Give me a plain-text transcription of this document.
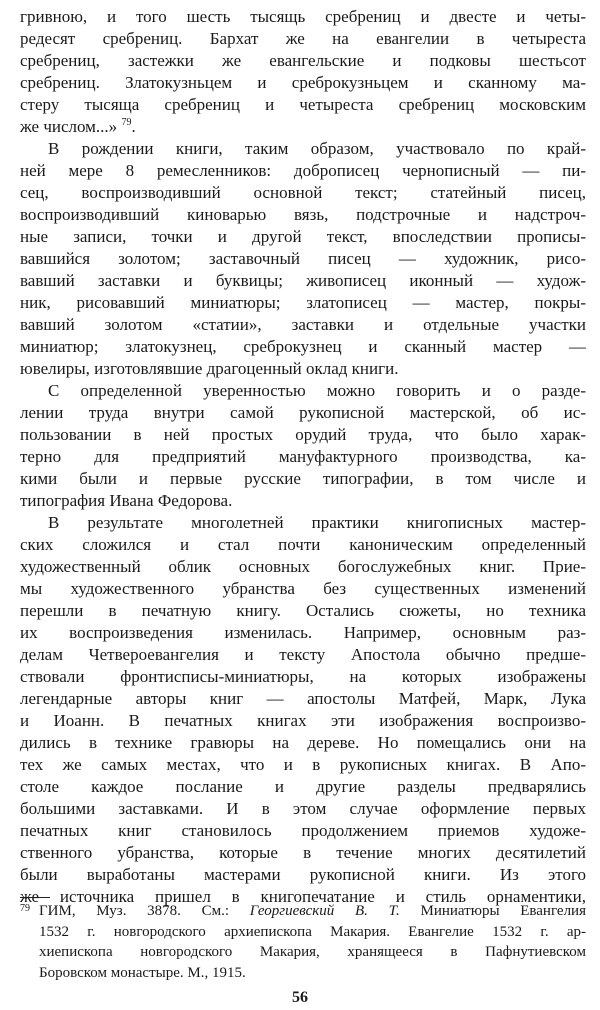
гривною, и того шесть тысящь сребрениц и двесте и четы-
редесят сребрениц. Бархат же на евангелии в четыреста
сребрениц, застежки же евангельские и подковы шестьсот
сребрениц. Златокузньцем и среброкузньцем и сканному ма-
стеру тысяща сребрениц и четыреста сребрениц московским
же числом...» $^{79}$.
В рождении книги, таким образом, участвовало по край-
ней мере 8 ремесленников: доброписец чернописный — пи-
сец, воспроизводивший основной текст; статейный писец,
воспроизводивший киноварью вязь, подстрочные и надстроч-
ные записи, точки и другой текст, впоследствии прописы-
вавшийся золотом; заставочный писец — художник, рисо-
вавший заставки и буквицы; живописец иконный — худож-
ник, рисовавший миниатюры; златописец — мастер, покры-
вавший золотом «статии», заставки и отдельные участки
миниатюр; златокузнец, среброкузнец и сканный мастер —
ювелиры, изготовлявшие драгоценный оклад книги.
С определенной уверенностью можно говорить и о разде-
лении труда внутри самой рукописной мастерской, об ис-
пользовании в ней простых орудий труда, что было харак-
терно для предприятий мануфактурного производства, ка-
кими были и первые русские типографии, в том числе и
типография Ивана Федорова.
В результате многолетней практики книгописных мастер-
ских сложился и стал почти каноническим определенный
художественный облик основных богослужебных книг. Прие-
мы художественного убранства без существенных изменений
перешли в печатную книгу. Остались сюжеты, но техника
их воспроизведения изменилась. Например, основным раз-
делам Четвероевангелия и тексту Апостола обычно предше-
ствовали фронтисписы-миниатюры, на которых изображены
легендарные авторы книг — апостолы Матфей, Марк, Лука
и Иоанн. В печатных книгах эти изображения воспроизво-
дились в технике гравюры на дереве. Но помещались они на
тех же самых местах, что и в рукописных книгах. В Апо-
столе каждое послание и другие разделы предварялись
большими заставками. И в этом случае оформление первых
печатных книг становилось продолжением приемов художе-
ственного убранства, которые в течение многих десятилетий
были выработаны мастерами рукописной книги. Из этого
же источника пришел в книгопечатание и стиль орнаментики,
79 ГИМ, Муз. 3878. См.: Георгиевский В. Т. Миниатюры Евангелия
1532 г. новгородского архиепископа Макария. Евангелие 1532 г. ар-
хиепископа новгородского Макария, хранящееся в Пафнутиевском
Боровском монастыре. М., 1915.
56
